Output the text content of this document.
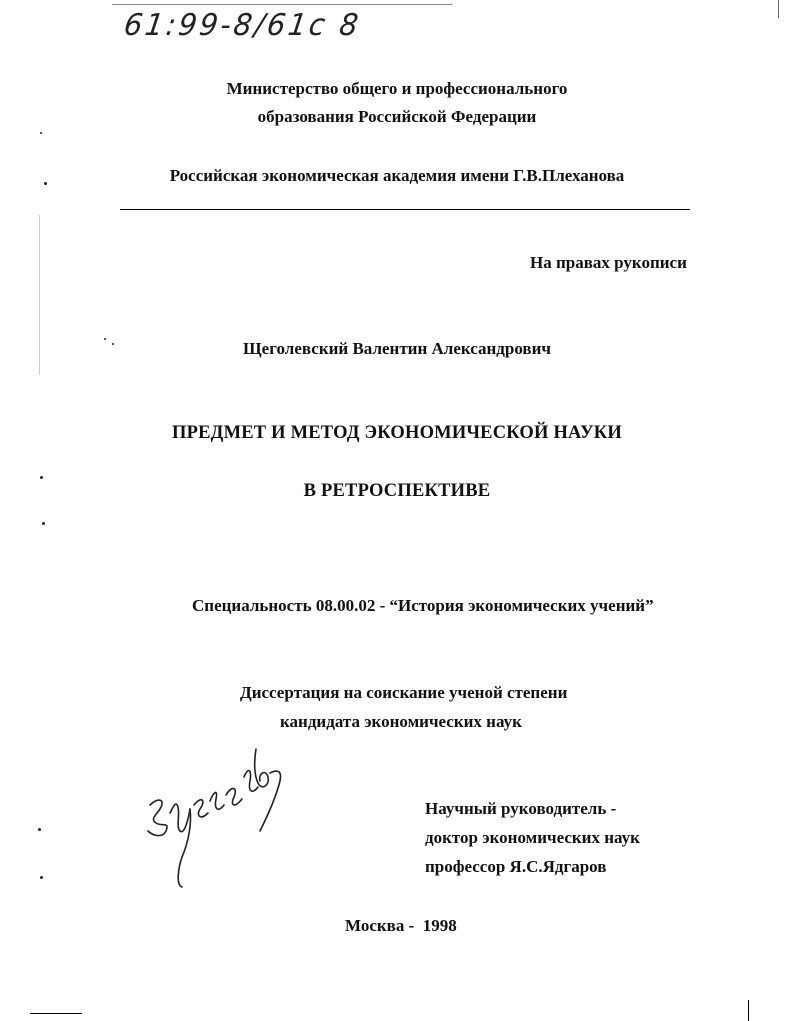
61:99-8/61с 8
Министерство общего и профессионального
образования Российской Федерации
Российская экономическая академия имени Г.В.Плеханова
На правах рукописи
Щеголевский Валентин Александрович
ПРЕДМЕТ И МЕТОД ЭКОНОМИЧЕСКОЙ НАУКИ
В РЕТРОСПЕКТИВЕ
Специальность 08.00.02 - “История экономических учений”
Диссертация на соискание ученой степени
кандидата экономических наук
Научный руководитель -
доктор экономических наук
профессор Я.С.Ядгаров
Москва -  1998
